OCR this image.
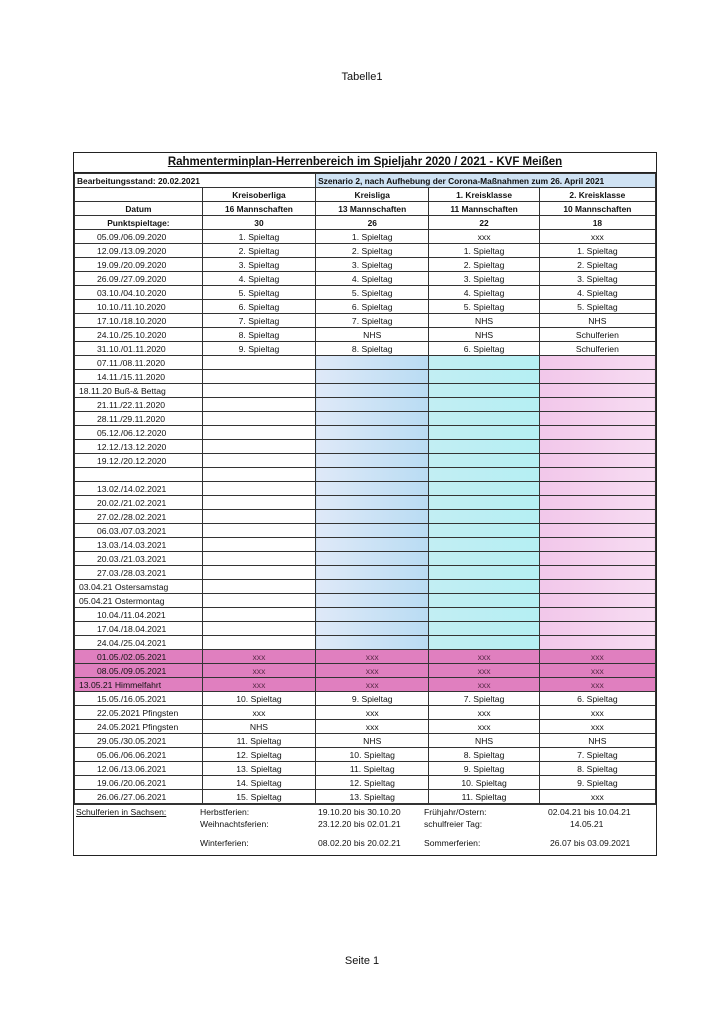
Tabelle1
Rahmenterminplan-Herrenbereich im Spieljahr 2020 / 2021 - KVF Meißen
Bearbeitungsstand: 20.02.2021		Szenario 2, nach Aufhebung der Corona-Maßnahmen zum 26. April 2021		
	Kreisoberliga	Kreisliga	1. Kreisklasse	2. Kreisklasse
Datum	16 Mannschaften	13 Mannschaften	11 Mannschaften	10 Mannschaften
Punktspieltage:	30	26	22	18
05.09./06.09.2020	1. Spieltag	1. Spieltag	xxx	xxx
12.09./13.09.2020	2. Spieltag	2. Spieltag	1. Spieltag	1. Spieltag
19.09./20.09.2020	3. Spieltag	3. Spieltag	2. Spieltag	2. Spieltag
26.09./27.09.2020	4. Spieltag	4. Spieltag	3. Spieltag	3. Spieltag
03.10./04.10.2020	5. Spieltag	5. Spieltag	4. Spieltag	4. Spieltag
10.10./11.10.2020	6. Spieltag	6. Spieltag	5. Spieltag	5. Spieltag
17.10./18.10.2020	7. Spieltag	7. Spieltag	NHS	NHS
24.10./25.10.2020	8. Spieltag	NHS	NHS	Schulferien
31.10./01.11.2020	9. Spieltag	8. Spieltag	6. Spieltag	Schulferien
07.11./08.11.2020				
14.11./15.11.2020				
18.11.20 Buß-& Bettag				
21.11./22.11.2020				
28.11./29.11.2020				
05.12./06.12.2020				
12.12./13.12.2020				
19.12./20.12.2020				

13.02./14.02.2021				
20.02./21.02.2021				
27.02./28.02.2021				
06.03./07.03.2021				
13.03./14.03.2021				
20.03./21.03.2021				
27.03./28.03.2021				
03.04.21 Ostersamstag				
05.04.21 Ostermontag				
10.04./11.04.2021				
17.04./18.04.2021				
24.04./25.04.2021				
01.05./02.05.2021	xxx	xxx	xxx	xxx
08.05./09.05.2021	xxx	xxx	xxx	xxx
13.05.21 Himmelfahrt	xxx	xxx	xxx	xxx
15.05./16.05.2021	10. Spieltag	9. Spieltag	7. Spieltag	6. Spieltag
22.05.2021 Pfingsten	xxx	xxx	xxx	xxx
24.05.2021 Pfingsten	NHS	xxx	xxx	xxx
29.05./30.05.2021	11. Spieltag	NHS	NHS	NHS
05.06./06.06.2021	12. Spieltag	10. Spieltag	8. Spieltag	7. Spieltag
12.06./13.06.2021	13. Spieltag	11. Spieltag	9. Spieltag	8. Spieltag
19.06./20.06.2021	14. Spieltag	12. Spieltag	10. Spieltag	9. Spieltag
26.06./27.06.2021	15. Spieltag	13. Spieltag	11. Spieltag	xxx
Schulferien in Sachsen:	Herbstferien:	19.10.20 bis 30.10.20	Frühjahr/Ostern:	02.04.21 bis 10.04.21
Weihnachtsferien:	23.12.20 bis 02.01.21	schulfreier Tag:	14.05.21
Winterferien:	08.02.20 bis 20.02.21	Sommerferien:	26.07 bis 03.09.2021
Seite 1
